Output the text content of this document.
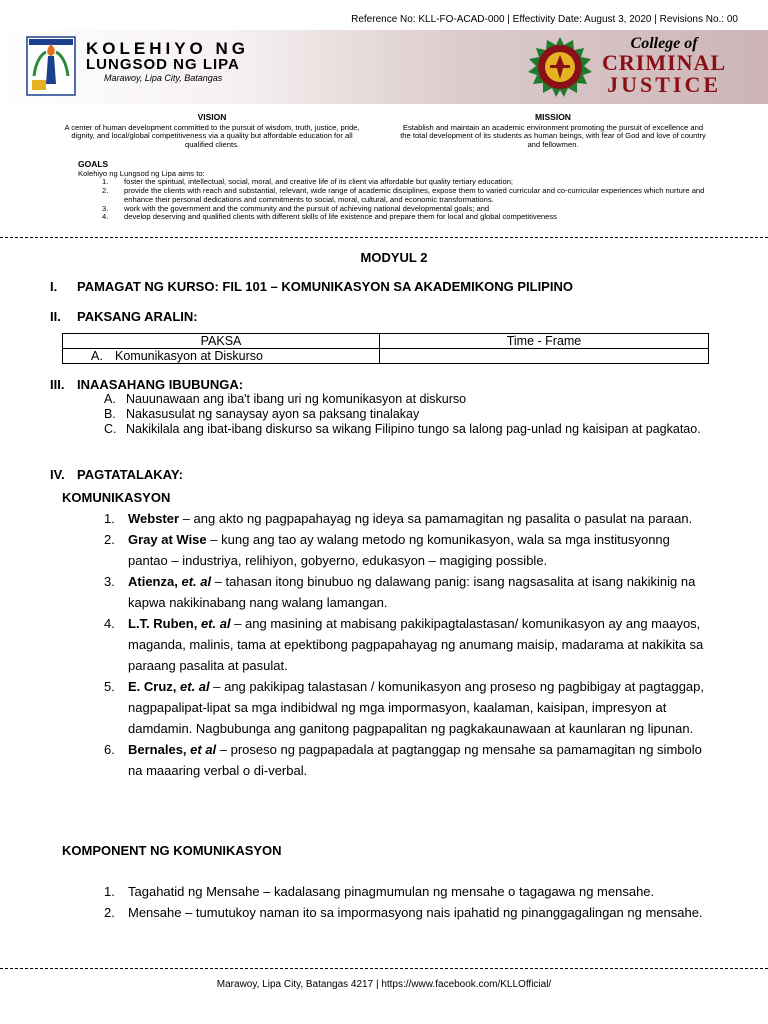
Reference No: KLL-FO-ACAD-000 | Effectivity Date: August 3, 2020 | Revisions No.: 00
KOLEHIYO NG
LUNGSOD NG LIPA
Marawoy, Lipa City, Batangas
College of
CRIMINAL
JUSTICE
VISION
A center of human development committed to the pursuit of wisdom, truth, justice, pride, dignity, and local/global competitiveness via a quality but affordable education for all qualified clients.
MISSION
Establish and maintain an academic environment promoting the pursuit of excellence and the total development of its students as human beings, with fear of God and love of country and fellowmen.
GOALS
Kolehiyo ng Lungsod ng Lipa aims to:
1.	foster the spiritual, intellectual, social, moral, and creative life of its client via affordable but quality tertiary education;
2.	provide the clients with reach and substantial, relevant, wide range of academic disciplines, expose them to varied curricular and co-curricular experiences which nurture and enhance their personal dedications and commitments to social, moral, cultural, and economic transformations.
3.	work with the government and the community and the pursuit of achieving national developmental goals; and
4.	develop deserving and qualified clients with different skills of life existence and prepare them for local and global competitiveness
MODYUL 2
I. PAMAGAT NG KURSO: FIL 101 – KOMUNIKASYON SA AKADEMIKONG PILIPINO
II. PAKSANG ARALIN:
PAKSA	Time - Frame
A. Komunikasyon at Diskurso	
III. INAASAHANG IBUBUNGA:
A. Nauunawaan ang iba't ibang uri ng komunikasyon at diskurso
B. Nakasusulat ng sanaysay ayon sa paksang tinalakay
C. Nakikilala ang ibat-ibang diskurso sa wikang Filipino tungo sa lalong pag-unlad ng kaisipan at pagkatao.
IV. PAGTATALAKAY:
KOMUNIKASYON
1.	Webster – ang akto ng pagpapahayag ng ideya sa pamamagitan ng pasalita o pasulat na paraan.
2.	Gray at Wise – kung ang tao ay walang metodo ng komunikasyon, wala sa mga institusyonng pantao – industriya, relihiyon, gobyerno, edukasyon – magiging possible.
3.	Atienza, et. al – tahasan itong binubuo ng dalawang panig: isang nagsasalita at isang nakikinig na kapwa nakikinabang nang walang lamangan.
4.	L.T. Ruben, et. al – ang masining at mabisang pakikipagtalastasan/ komunikasyon ay ang maayos, maganda, malinis, tama at epektibong pagpapahayag ng anumang maisip, madarama at nakikita sa paraang pasalita at pasulat.
5.	E. Cruz, et. al – ang pakikipag talastasan / komunikasyon ang proseso ng pagbibigay at pagtaggap, nagpapalipat-lipat sa mga indibidwal ng mga impormasyon, kaalaman, kaisipan, impresyon at damdamin. Nagbubunga ang ganitong pagpapalitan ng pagkakaunawaan at kaunlaran ng lipunan.
6.	Bernales, et al – proseso ng pagpapadala at pagtanggap ng mensahe sa pamamagitan ng simbolo na maaaring verbal o di-verbal.
KOMPONENT NG KOMUNIKASYON
1.	Tagahatid ng Mensahe – kadalasang pinagmumulan ng mensahe o tagagawa ng mensahe.
2.	Mensahe – tumutukoy naman ito sa impormasyong nais ipahatid ng pinanggagalingan ng mensahe.
Marawoy, Lipa City, Batangas 4217 | https://www.facebook.com/KLLOfficial/
